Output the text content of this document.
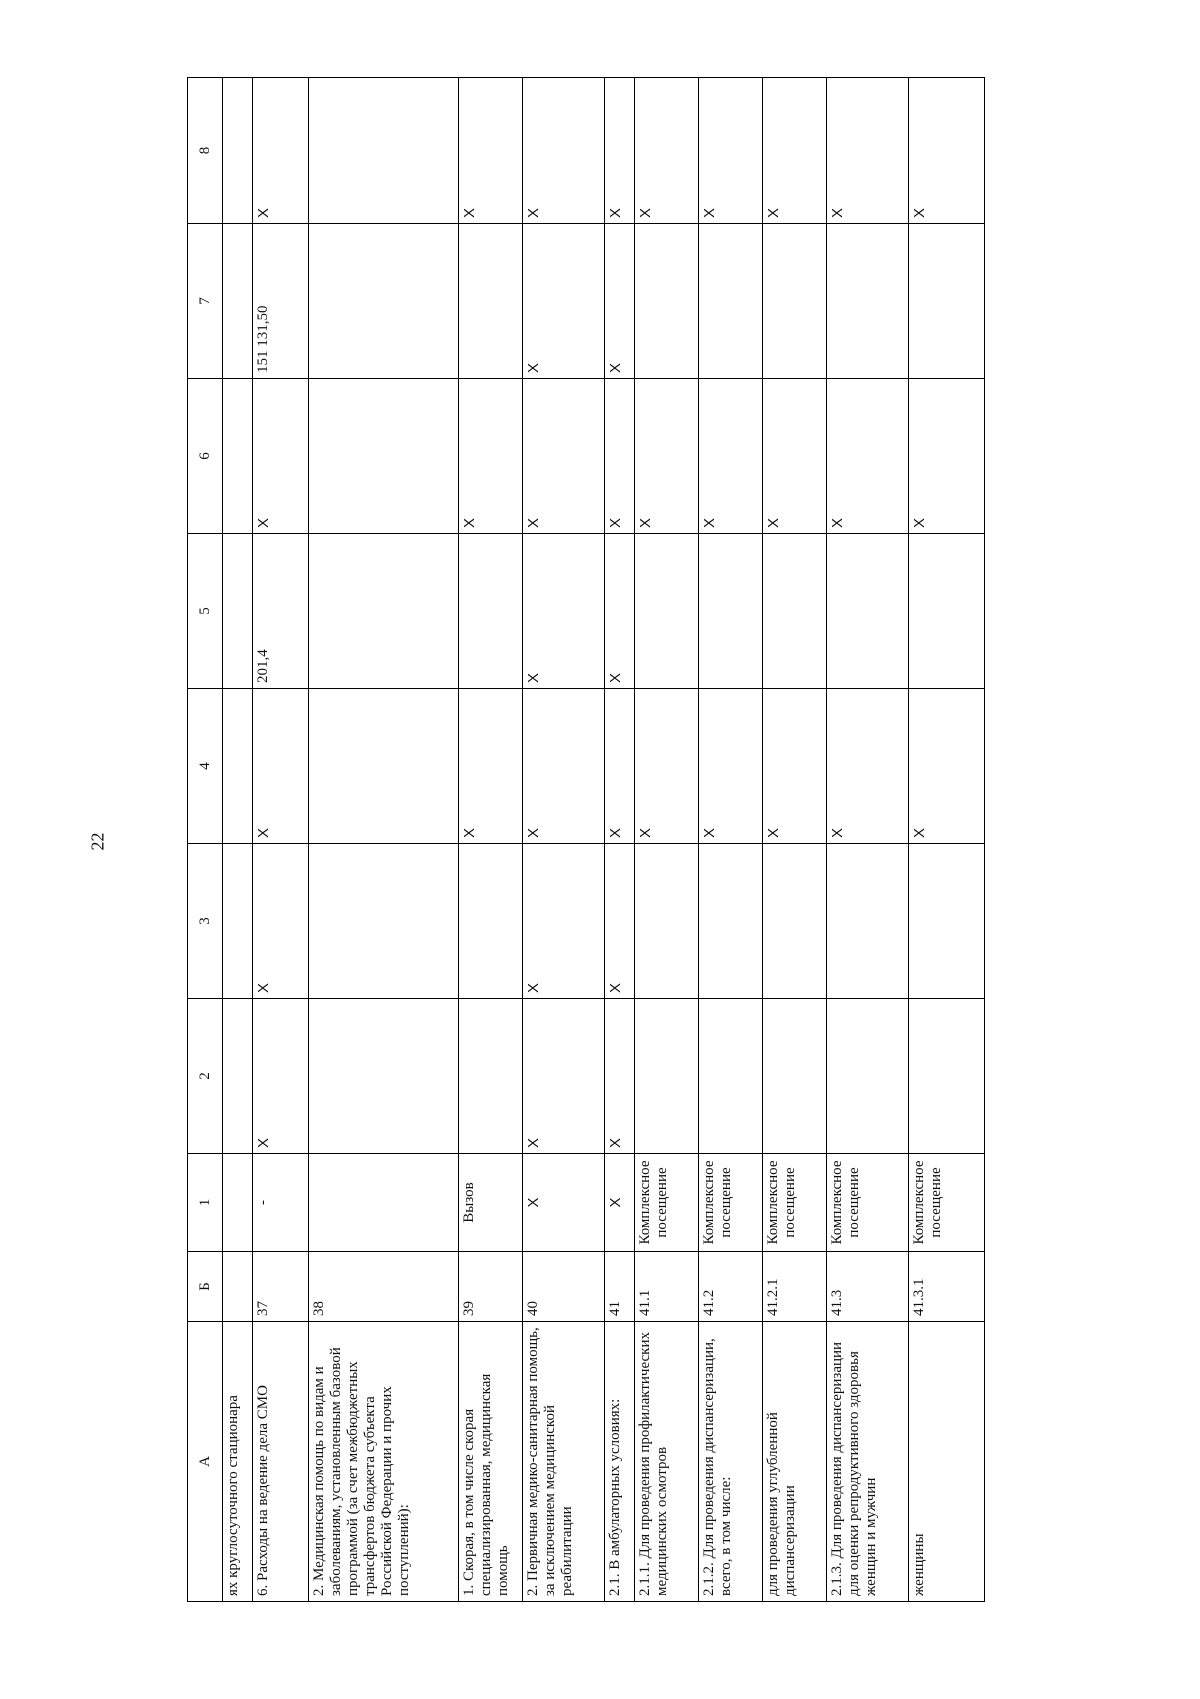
22
А	Б	1	2	3	4	5	6	7	8
ях круглосуточного стационара									
6. Расходы на ведение дела СМО	37	-	Х	Х	Х	201,4	Х	151 131,50	Х
2. Медицинская помощь по видам и заболеваниям, установленным базовой программой (за счет межбюджетных трансфертов бюджета субъекта Российской Федерации и прочих поступлений):	38								
1. Скорая, в том числе скорая специализированная, медицинская помощь	39	Вызов			Х		Х		Х
2. Первичная медико-санитарная помощь, за исключением медицинской реабилитации	40	Х	Х	Х	Х	Х	Х	Х	Х
2.1. В амбулаторных условиях:	41	Х	Х	Х	Х	Х	Х	Х	Х
2.1.1. Для проведения профилактических медицинских осмотров	41.1	Комплексное посещение			Х		Х		Х
2.1.2. Для проведения диспансеризации, всего, в том числе:	41.2	Комплексное посещение			Х		Х		Х
для проведения углубленной диспансеризации	41.2.1	Комплексное посещение			Х		Х		Х
2.1.3. Для проведения диспансеризации для оценки репродуктивного здоровья женщин и мужчин	41.3	Комплексное посещение			Х		Х		Х
женщины	41.3.1	Комплексное посещение			Х		Х		Х
